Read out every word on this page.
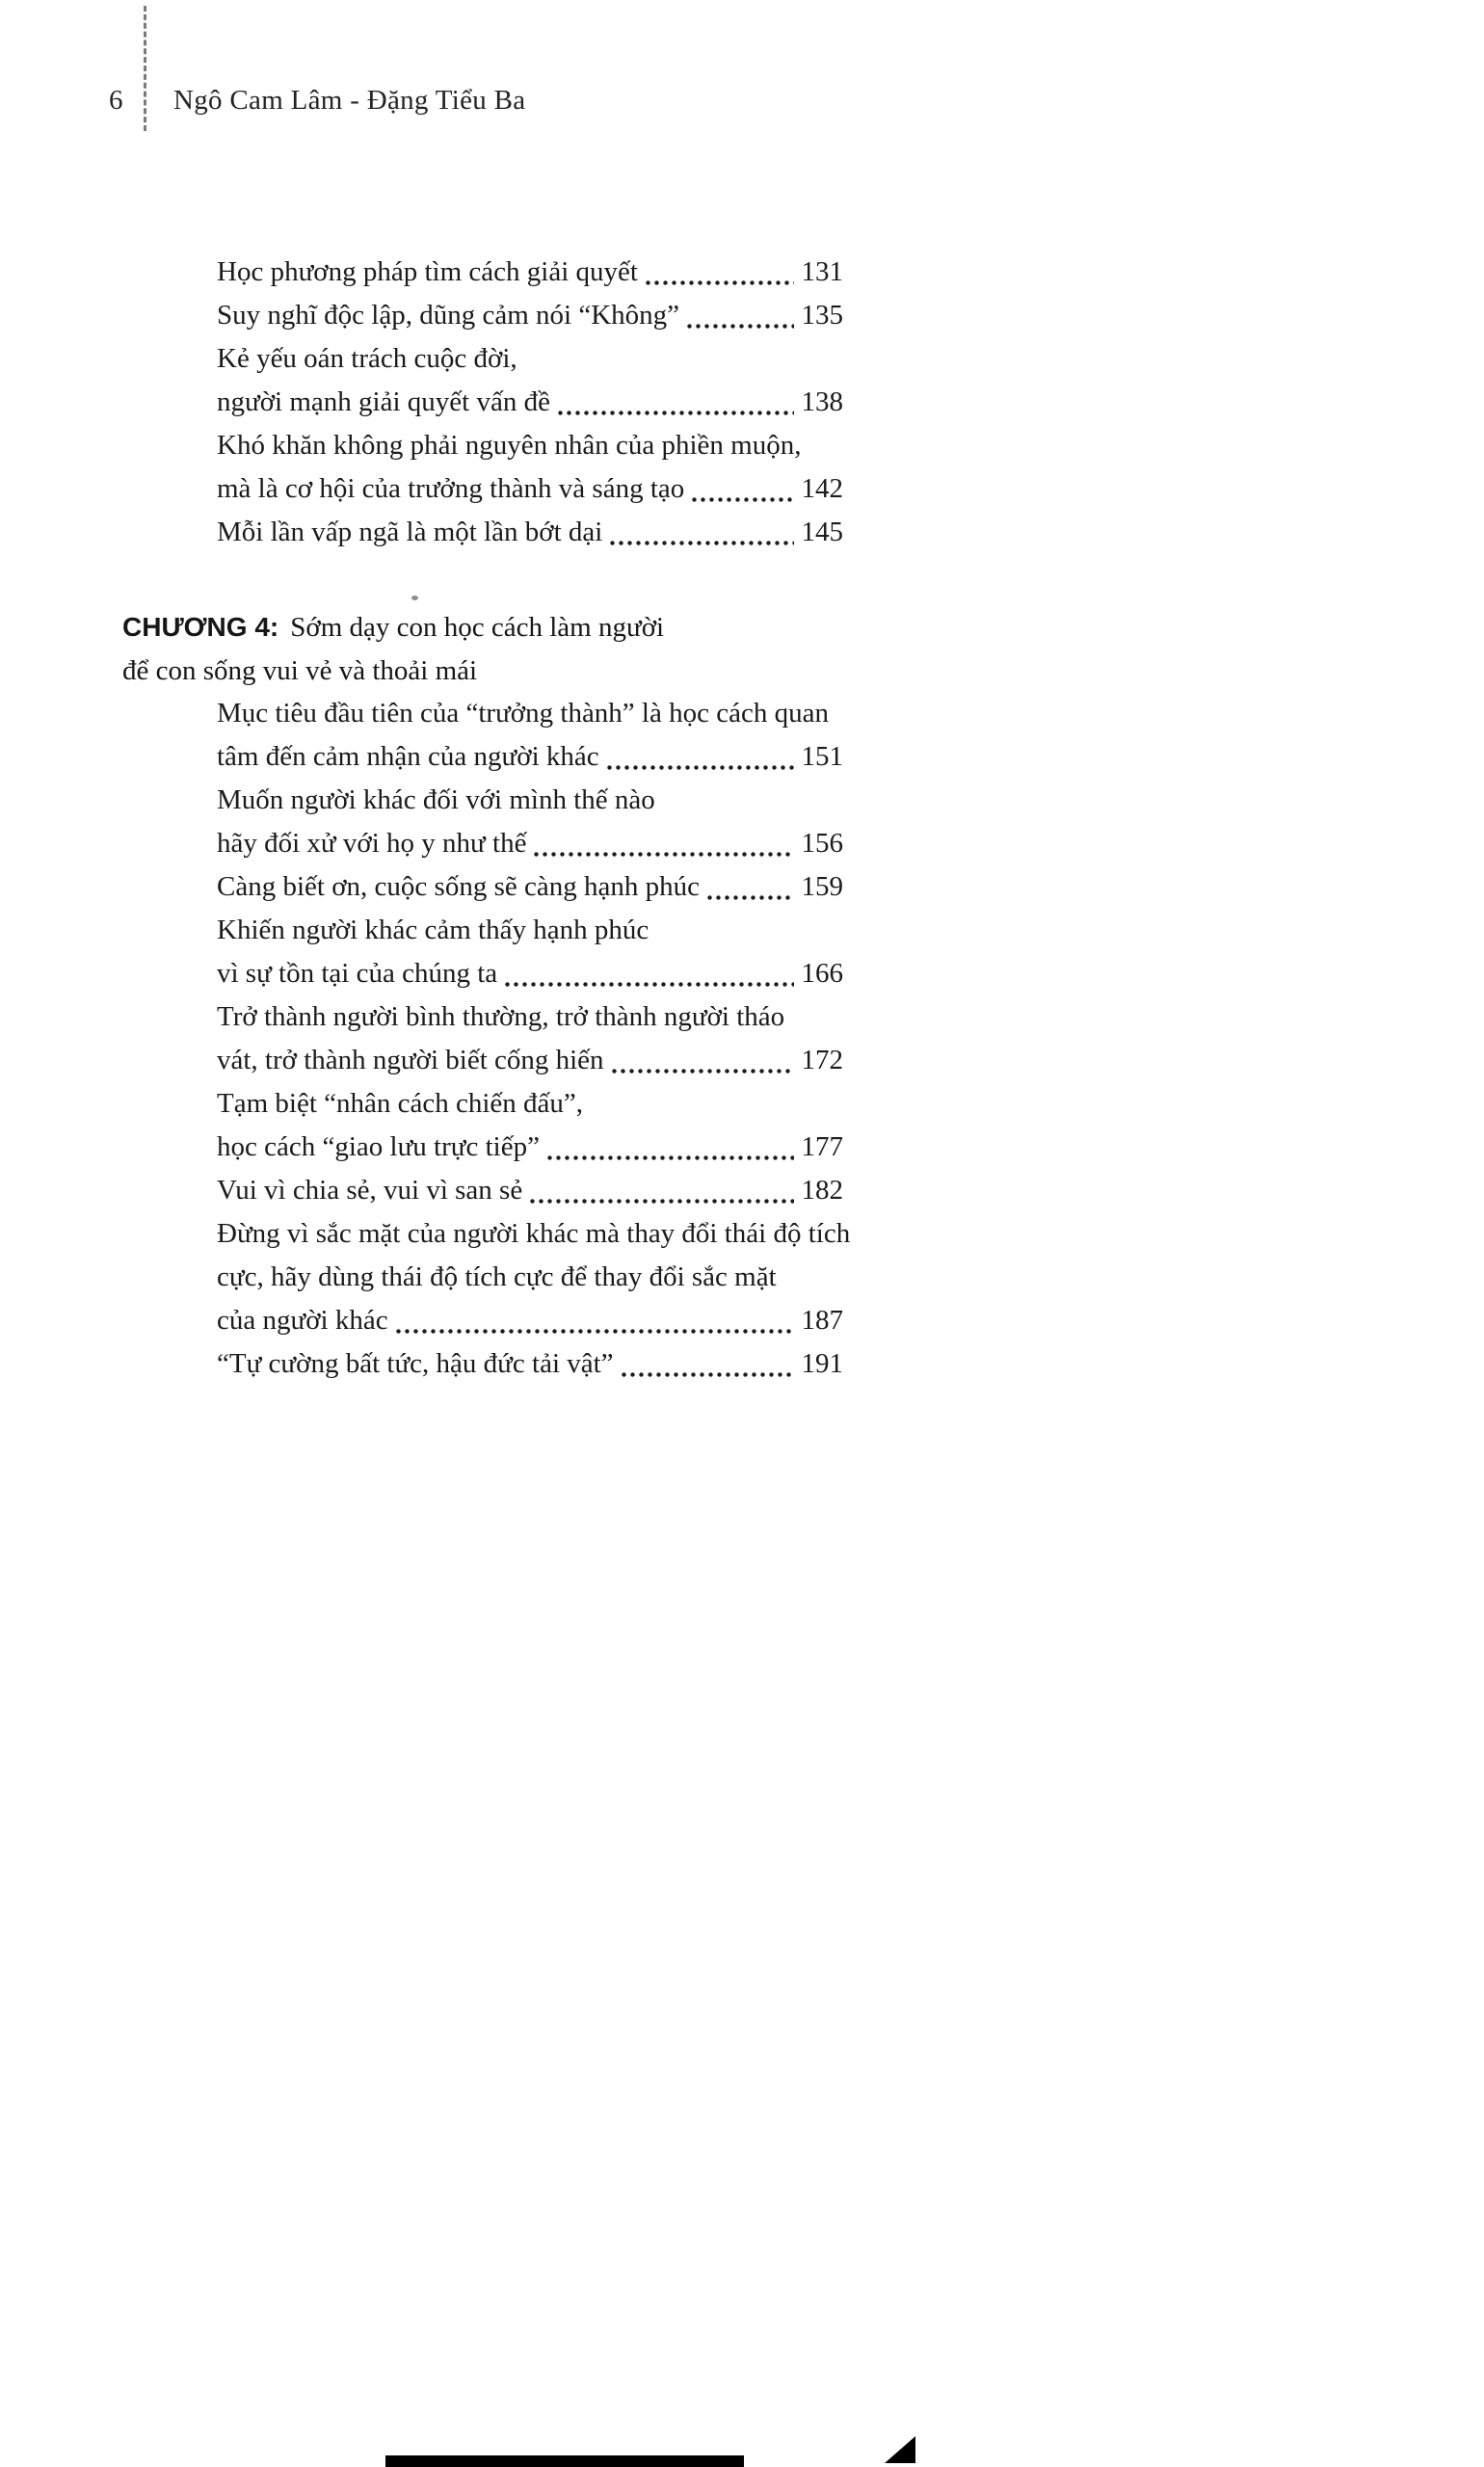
6	Ngô Cam Lâm - Đặng Tiểu Ba
Học phương pháp tìm cách giải quyết	131
Suy nghĩ độc lập, dũng cảm nói “Không”	135
Kẻ yếu oán trách cuộc đời,
người mạnh giải quyết vấn đề	138
Khó khăn không phải nguyên nhân của phiền muộn,
mà là cơ hội của trưởng thành và sáng tạo	142
Mỗi lần vấp ngã là một lần bớt dại	145
CHƯƠNG 4: Sớm dạy con học cách làm người
để con sống vui vẻ và thoải mái
Mục tiêu đầu tiên của “trưởng thành” là học cách quan
tâm đến cảm nhận của người khác	151
Muốn người khác đối với mình thế nào
hãy đối xử với họ y như thế	156
Càng biết ơn, cuộc sống sẽ càng hạnh phúc	159
Khiến người khác cảm thấy hạnh phúc
vì sự tồn tại của chúng ta	166
Trở thành người bình thường, trở thành người tháo
vát, trở thành người biết cống hiến	172
Tạm biệt “nhân cách chiến đấu”,
học cách “giao lưu trực tiếp”	177
Vui vì chia sẻ, vui vì san sẻ	182
Đừng vì sắc mặt của người khác mà thay đổi thái độ tích
cực, hãy dùng thái độ tích cực để thay đổi sắc mặt
của người khác	187
“Tự cường bất tức, hậu đức tải vật”	191
